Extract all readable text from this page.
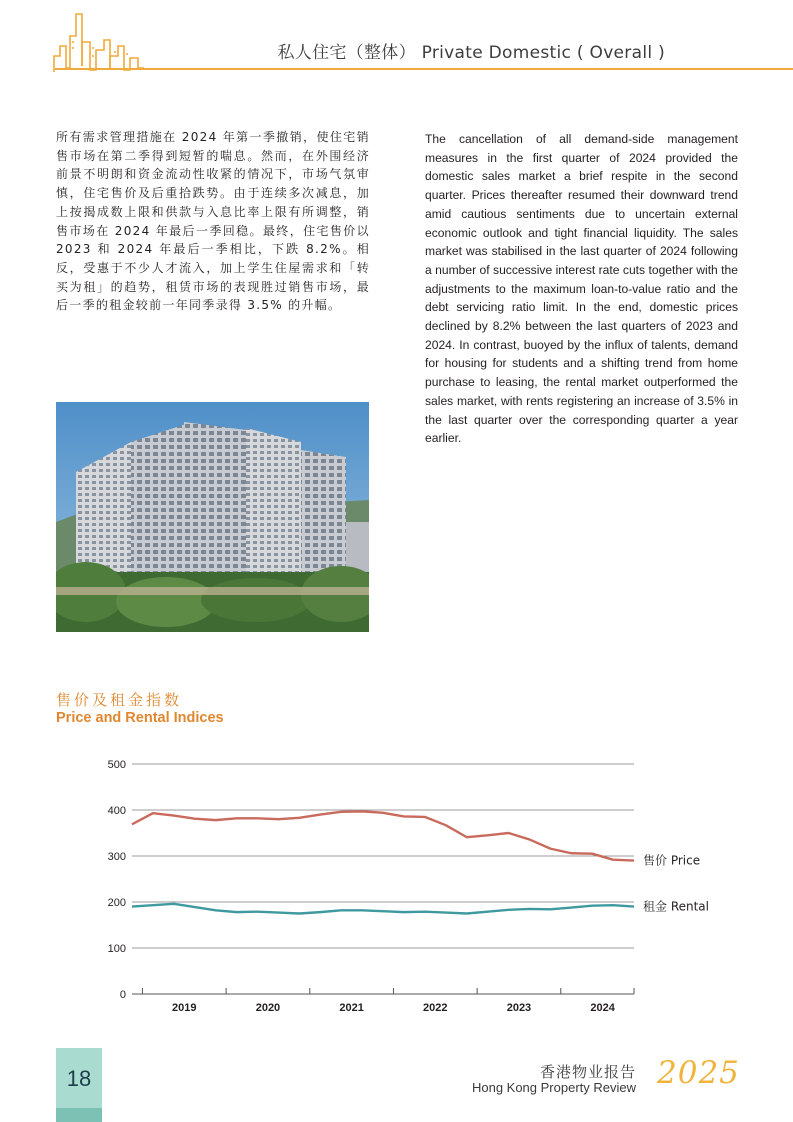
私人住宅（整体） Private Domestic ( Overall )
所有需求管理措施在 2024 年第一季撤销，使住宅销售市场在第二季得到短暂的喘息。然而，在外围经济前景不明朗和资金流动性收紧的情况下，市场气氛审慎，住宅售价及后重拾跌势。由于连续多次减息，加上按揭成数上限和供款与入息比率上限有所调整，销售市场在 2024 年最后一季回稳。最终，住宅售价以 2023 和 2024 年最后一季相比，下跌 8.2%。相反，受惠于不少人才流入，加上学生住屋需求和「转买为租」的趋势，租赁市场的表现胜过销售市场，最后一季的租金较前一年同季录得 3.5% 的升幅。
The cancellation of all demand-side management measures in the first quarter of 2024 provided the domestic sales market a brief respite in the second quarter. Prices thereafter resumed their downward trend amid cautious sentiments due to uncertain external economic outlook and tight financial liquidity. The sales market was stabilised in the last quarter of 2024 following a number of successive interest rate cuts together with the adjustments to the maximum loan-to-value ratio and the debt servicing ratio limit. In the end, domestic prices declined by 8.2% between the last quarters of 2023 and 2024. In contrast, buoyed by the influx of talents, demand for housing for students and a shifting trend from home purchase to leasing, the rental market outperformed the sales market, with rents registering an increase of 3.5% in the last quarter over the corresponding quarter a year earlier.
售价及租金指数
Price and Rental Indices
0
100
200
300
400
500
2019	2020	2021	2022	2023	2024
售价 Price
租金 Rental
18	香港物业报告
Hong Kong Property Review 2025
